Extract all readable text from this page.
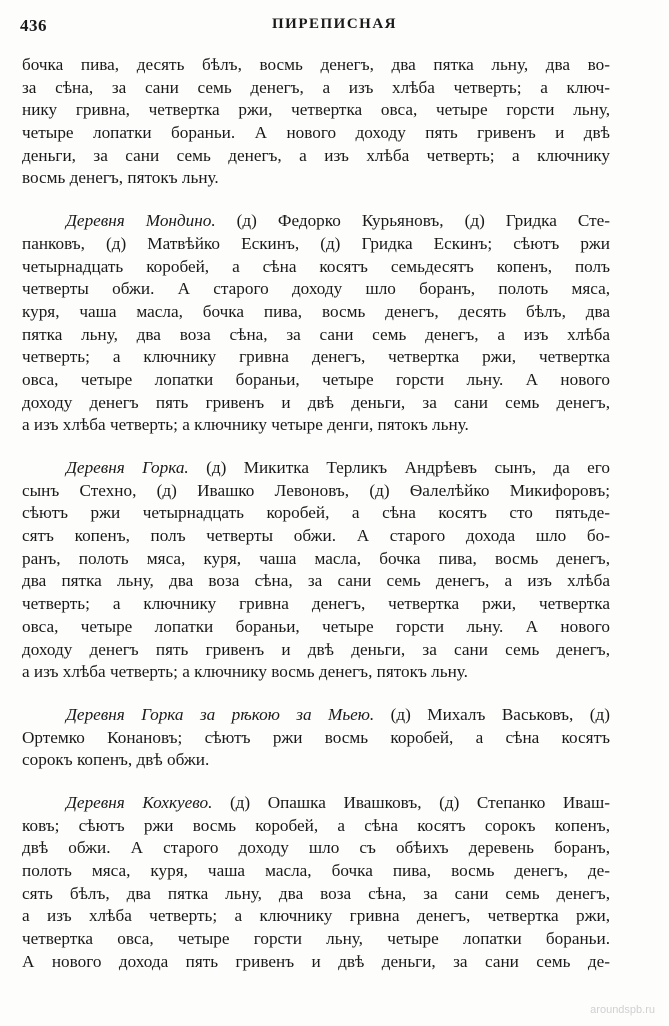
436	ПИРЕПИСНАЯ
бочка пива, десять бѣлъ, восмь денегъ, два пятка льну, два во-
за сѣна, за сани семь денегъ, а изъ хлѣба четверть; а ключ-
нику гривна, четвертка ржи, четвертка овса, четыре горсти льну,
четыре лопатки бораньи. А нового доходу пять гривенъ и двѣ
деньги, за сани семь денегъ, а изъ хлѣба четверть; а ключнику
восмь денегъ, пятокъ льну.
Деревня Мондино. (д) Федорко Курьяновъ, (д) Гридка Сте-
панковъ, (д) Матвѣйко Ескинъ, (д) Гридка Ескинъ; сѣютъ ржи
четырнадцать коробей, а сѣна косятъ семьдесятъ копенъ, полъ
четверты обжи. А старого доходу шло боранъ, полоть мяса,
куря, чаша масла, бочка пива, восмь денегъ, десять бѣлъ, два
пятка льну, два воза сѣна, за сани семь денегъ, а изъ хлѣба
четверть; а ключнику гривна денегъ, четвертка ржи, четвертка
овса, четыре лопатки бораньи, четыре горсти льну. А нового
доходу денегъ пять гривенъ и двѣ деньги, за сани семь денегъ,
а изъ хлѣба четверть; а ключнику четыре денги, пятокъ льну.
Деревня Горка. (д) Микитка Терликъ Андрѣевъ сынъ, да его
сынъ Стехно, (д) Ивашко Левоновъ, (д) Ѳалелѣйко Микифоровъ;
сѣютъ ржи четырнадцать коробей, а сѣна косятъ сто пятьде-
сятъ копенъ, полъ четверты обжи. А старого дохода шло бо-
ранъ, полоть мяса, куря, чаша масла, бочка пива, восмь денегъ,
два пятка льну, два воза сѣна, за сани семь денегъ, а изъ хлѣба
четверть; а ключнику гривна денегъ, четвертка ржи, четвертка
овса, четыре лопатки бораньи, четыре горсти льну. А нового
доходу денегъ пять гривенъ и двѣ деньги, за сани семь денегъ,
а изъ хлѣба четверть; а ключнику восмь денегъ, пятокъ льну.
Деревня Горка за рѣкою за Мьею. (д) Михалъ Васьковъ, (д)
Ортемко Конановъ; сѣютъ ржи восмь коробей, а сѣна косятъ
сорокъ копенъ, двѣ обжи.
Деревня Кохкуево. (д) Опашка Ивашковъ, (д) Степанко Ивaш-
ковъ; сѣютъ ржи восмь коробей, а сѣна косятъ сорокъ копенъ,
двѣ обжи. А старого доходу шло съ обѣихъ деревень боранъ,
полоть мяса, куря, чаша масла, бочка пива, восмь денегъ, де-
сять бѣлъ, два пятка льну, два воза сѣна, за сани семь денегъ,
а изъ хлѣба четверть; а ключнику гривна денегъ, четвертка ржи,
четвертка овса, четыре горсти льну, четыре лопатки бораньи.
А нового дохода пять гривенъ и двѣ деньги, за сани семь де-
aroundspb.ru
